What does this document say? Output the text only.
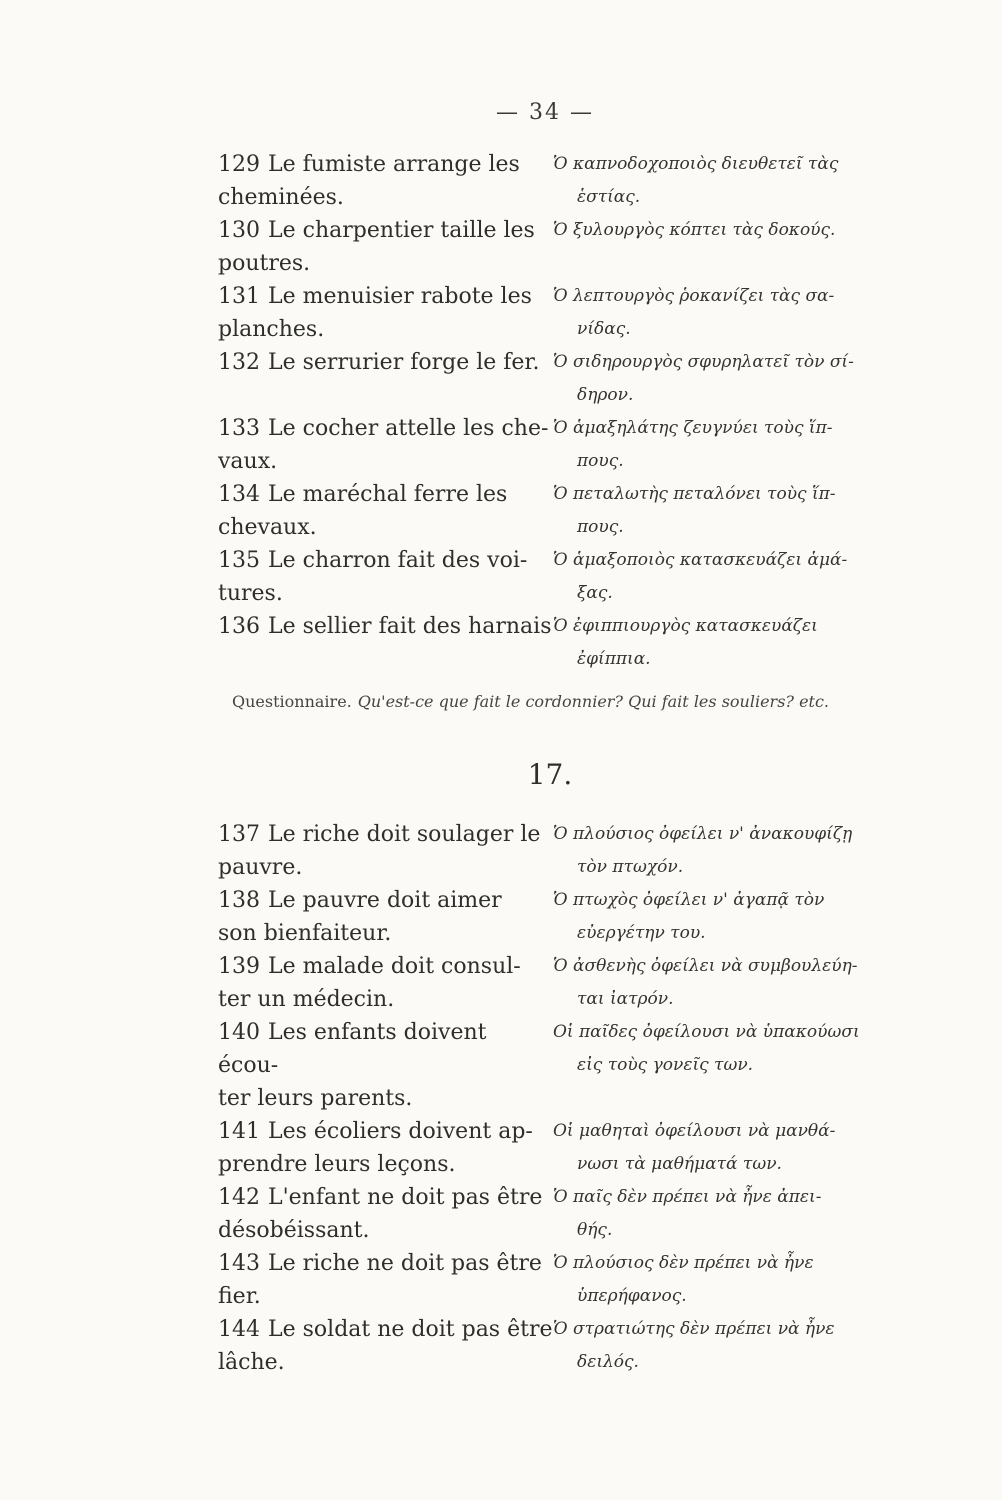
— 34 —
129 Le fumiste arrange les
cheminées.
Ὁ καπνοδοχοποιὸς διευθετεῖ τὰς
ἑστίας.
130 Le charpentier taille les
poutres.
Ὁ ξυλουργὸς κόπτει τὰς δοκούς.

131 Le menuisier rabote les
planches.
Ὁ λεπτουργὸς ῥοκανίζει τὰς σα-
νίδας.
132 Le serrurier forge le fer.
Ὁ σιδηρουργὸς σφυρηλατεῖ τὸν σί-
δηρον.
133 Le cocher attelle les che-
vaux.
Ὁ ἁμαξηλάτης ζευγνύει τοὺς ἵπ-
πους.
134 Le maréchal ferre les
chevaux.
Ὁ πεταλωτὴς πεταλόνει τοὺς ἵπ-
πους.
135 Le charron fait des voi-
tures.
Ὁ ἁμαξοποιὸς κατασκευάζει ἁμά-
ξας.
136 Le sellier fait des harnais
Ὁ ἐφιππιουργὸς κατασκευάζει
ἐφίππια.
Questionnaire. Qu'est-ce que fait le cordonnier? Qui fait les souliers? etc.
17.
137 Le riche doit soulager le
pauvre.
Ὁ πλούσιος ὀφείλει ν' ἀνακουφίζῃ
τὸν πτωχόν.
138 Le pauvre doit aimer
son bienfaiteur.
Ὁ πτωχὸς ὀφείλει ν' ἀγαπᾷ τὸν
εὐεργέτην του.
139 Le malade doit consul-
ter un médecin.
Ὁ ἀσθενὴς ὀφείλει νὰ συμβουλεύη-
ται ἰατρόν.
140 Les enfants doivent écou-
ter leurs parents.
Οἱ παῖδες ὀφείλουσι νὰ ὑπακούωσι
εἰς τοὺς γονεῖς των.
141 Les écoliers doivent ap-
prendre leurs leçons.
Οἱ μαθηταὶ ὀφείλουσι νὰ μανθά-
νωσι τὰ μαθήματά των.
142 L'enfant ne doit pas être
désobéissant.
Ὁ παῖς δὲν πρέπει νὰ ἦνε ἀπει-
θής.
143 Le riche ne doit pas être
fier.
Ὁ πλούσιος δὲν πρέπει νὰ ἦνε
ὑπερήφανος.
144 Le soldat ne doit pas être
lâche.
Ὁ στρατιώτης δὲν πρέπει νὰ ἦνε
δειλός.
